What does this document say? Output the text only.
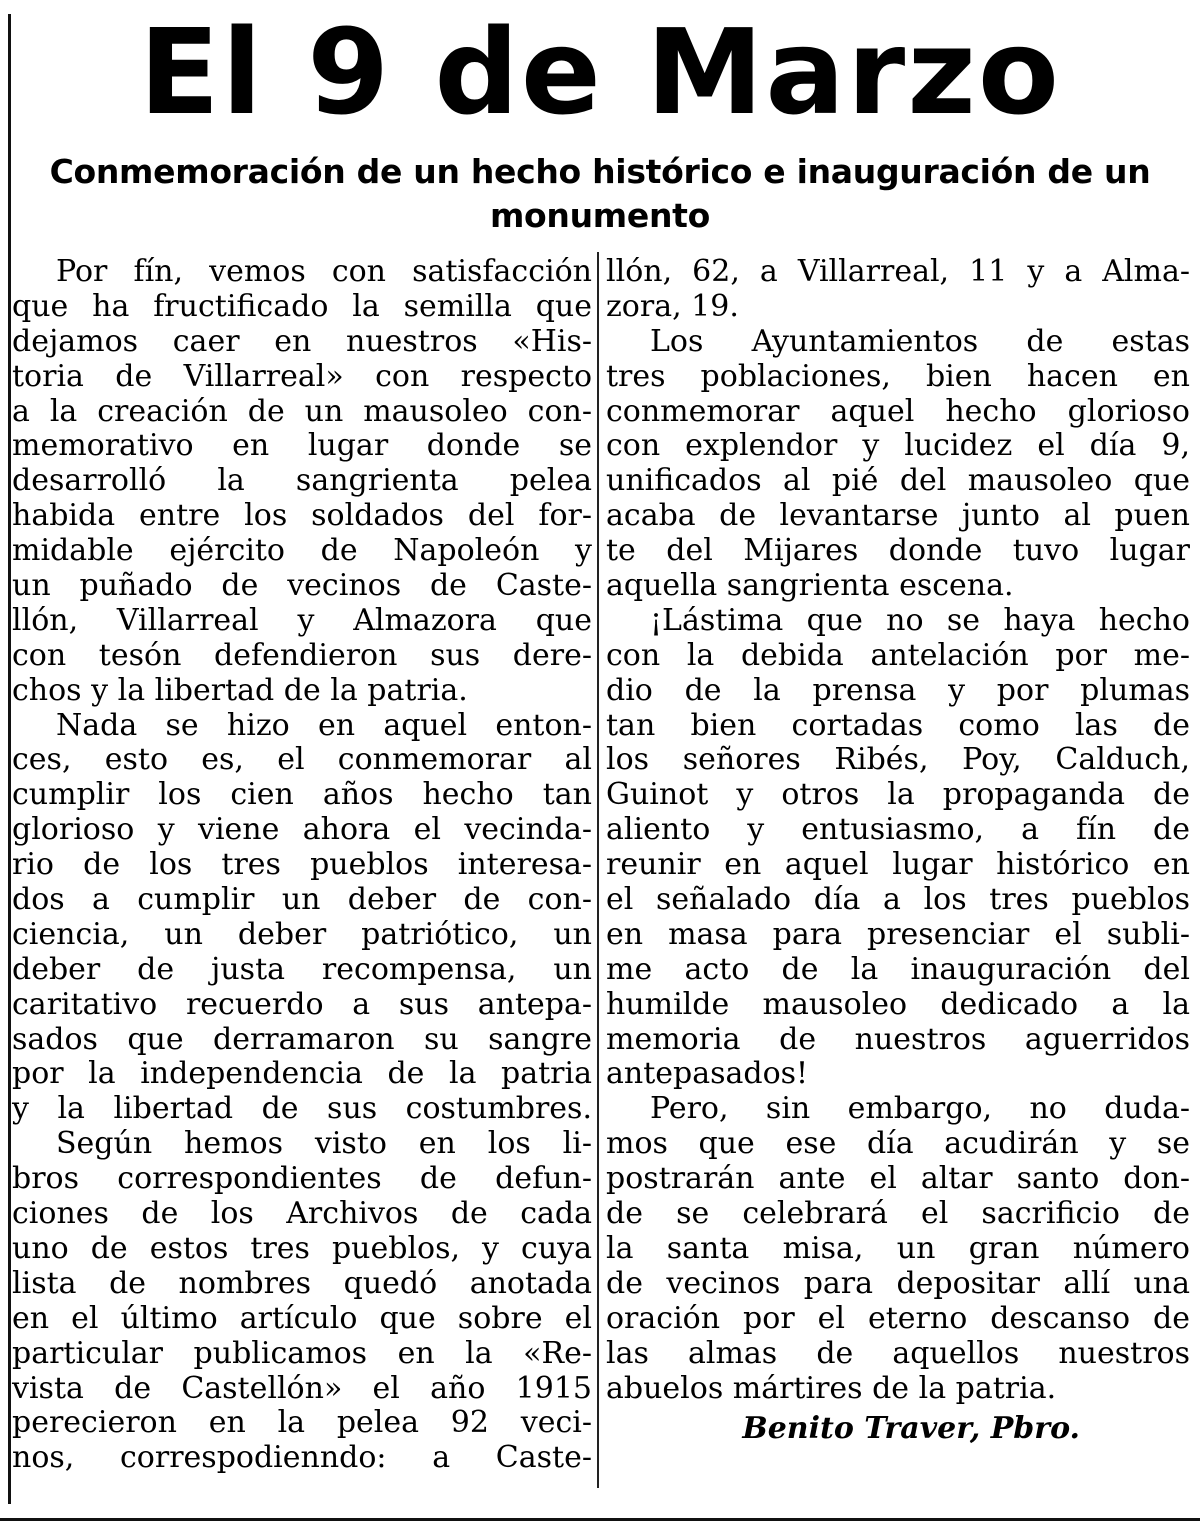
El 9 de Marzo
Conmemoración de un hecho histórico e inauguración de un monumento
Por fín, vemos con satisfacción
que ha fructificado la semilla que
dejamos caer en nuestros «His-
toria de Villarreal» con respecto
a la creación de un mausoleo con-
memorativo en lugar donde se
desarrolló la sangrienta pelea
habida entre los soldados del for-
midable ejército de Napoleón y
un puñado de vecinos de Caste-
llón, Villarreal y Almazora que
con tesón defendieron sus dere-
chos y la libertad de la patria.
Nada se hizo en aquel enton-
ces, esto es, el conmemorar al
cumplir los cien años hecho tan
glorioso y viene ahora el vecinda-
rio de los tres pueblos interesa-
dos a cumplir un deber de con-
ciencia, un deber patriótico, un
deber de justa recompensa, un
caritativo recuerdo a sus antepa-
sados que derramaron su sangre
por la independencia de la patria
y la libertad de sus costumbres.
Según hemos visto en los li-
bros correspondientes de defun-
ciones de los Archivos de cada
uno de estos tres pueblos, y cuya
lista de nombres quedó anotada
en el último artículo que sobre el
particular publicamos en la «Re-
vista de Castellón» el año 1915
perecieron en la pelea 92 veci-
nos, correspodienndo: a Caste-
llón, 62, a Villarreal, 11 y a Alma-
zora, 19.
Los Ayuntamientos de estas
tres poblaciones, bien hacen en
conmemorar aquel hecho glorioso
con explendor y lucidez el día 9,
unificados al pié del mausoleo que
acaba de levantarse junto al puen
te del Mijares donde tuvo lugar
aquella sangrienta escena.
¡Lástima que no se haya hecho
con la debida antelación por me-
dio de la prensa y por plumas
tan bien cortadas como las de
los señores Ribés, Poy, Calduch,
Guinot y otros la propaganda de
aliento y entusiasmo, a fín de
reunir en aquel lugar histórico en
el señalado día a los tres pueblos
en masa para presenciar el subli-
me acto de la inauguración del
humilde mausoleo dedicado a la
memoria de nuestros aguerridos
antepasados!
Pero, sin embargo, no duda-
mos que ese día acudirán y se
postrarán ante el altar santo don-
de se celebrará el sacrificio de
la santa misa, un gran número
de vecinos para depositar allí una
oración por el eterno descanso de
las almas de aquellos nuestros
abuelos mártires de la patria.
Benito Traver, Pbro.
